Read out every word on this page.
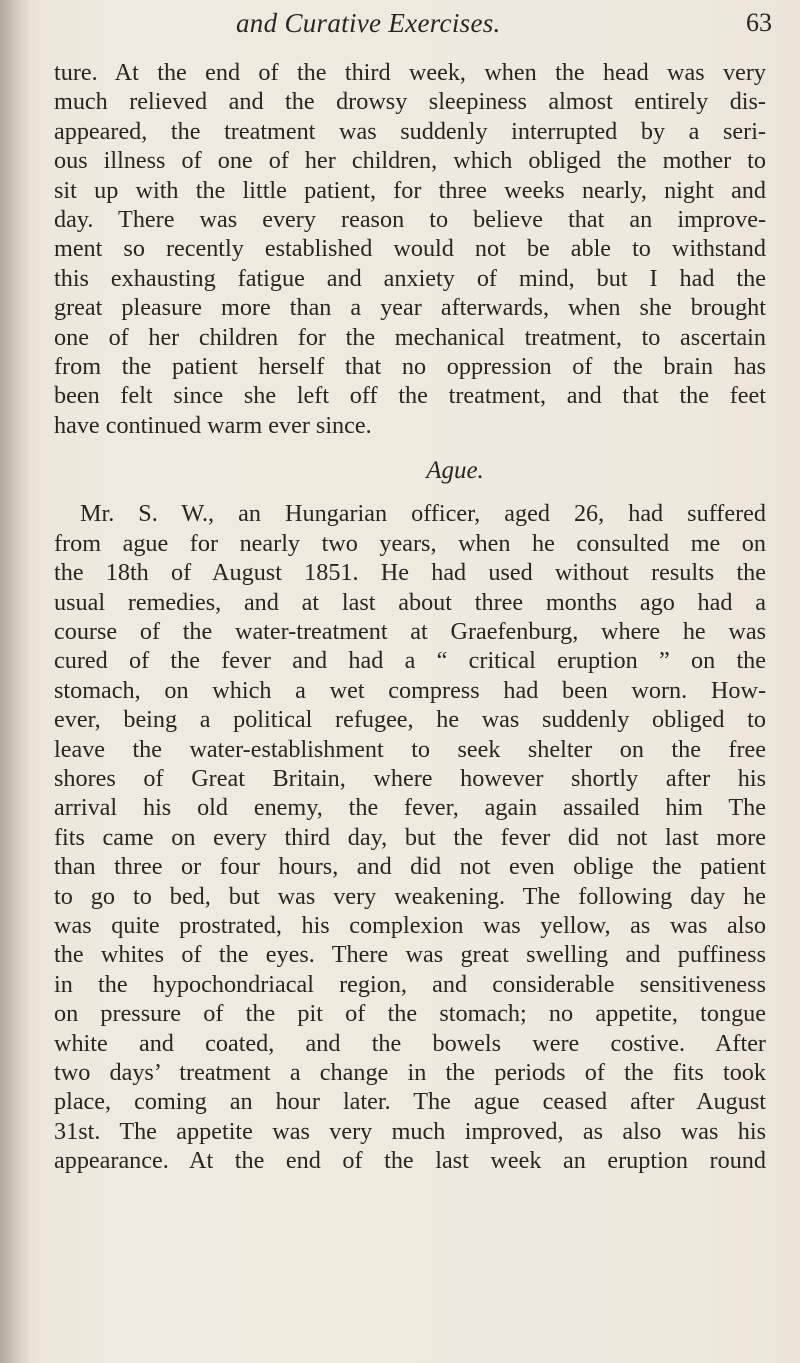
and Curative Exercises.	63
ture. At the end of the third week, when the head was very
much relieved and the drowsy sleepiness almost entirely dis-
appeared, the treatment was suddenly interrupted by a seri-
ous illness of one of her children, which obliged the mother to
sit up with the little patient, for three weeks nearly, night and
day. There was every reason to believe that an improve-
ment so recently established would not be able to withstand
this exhausting fatigue and anxiety of mind, but I had the
great pleasure more than a year afterwards, when she brought
one of her children for the mechanical treatment, to ascertain
from the patient herself that no oppression of the brain has
been felt since she left off the treatment, and that the feet
have continued warm ever since.
Ague.
Mr. S. W., an Hungarian officer, aged 26, had suffered
from ague for nearly two years, when he consulted me on
the 18th of August 1851. He had used without results the
usual remedies, and at last about three months ago had a
course of the water-treatment at Graefenburg, where he was
cured of the fever and had a “ critical eruption ” on the
stomach, on which a wet compress had been worn. How-
ever, being a political refugee, he was suddenly obliged to
leave the water-establishment to seek shelter on the free
shores of Great Britain, where however shortly after his
arrival his old enemy, the fever, again assailed him The
fits came on every third day, but the fever did not last more
than three or four hours, and did not even oblige the patient
to go to bed, but was very weakening. The following day he
was quite prostrated, his complexion was yellow, as was also
the whites of the eyes. There was great swelling and puffiness
in the hypochondriacal region, and considerable sensitiveness
on pressure of the pit of the stomach; no appetite, tongue
white and coated, and the bowels were costive. After
two days’ treatment a change in the periods of the fits took
place, coming an hour later. The ague ceased after August
31st. The appetite was very much improved, as also was his
appearance. At the end of the last week an eruption round
